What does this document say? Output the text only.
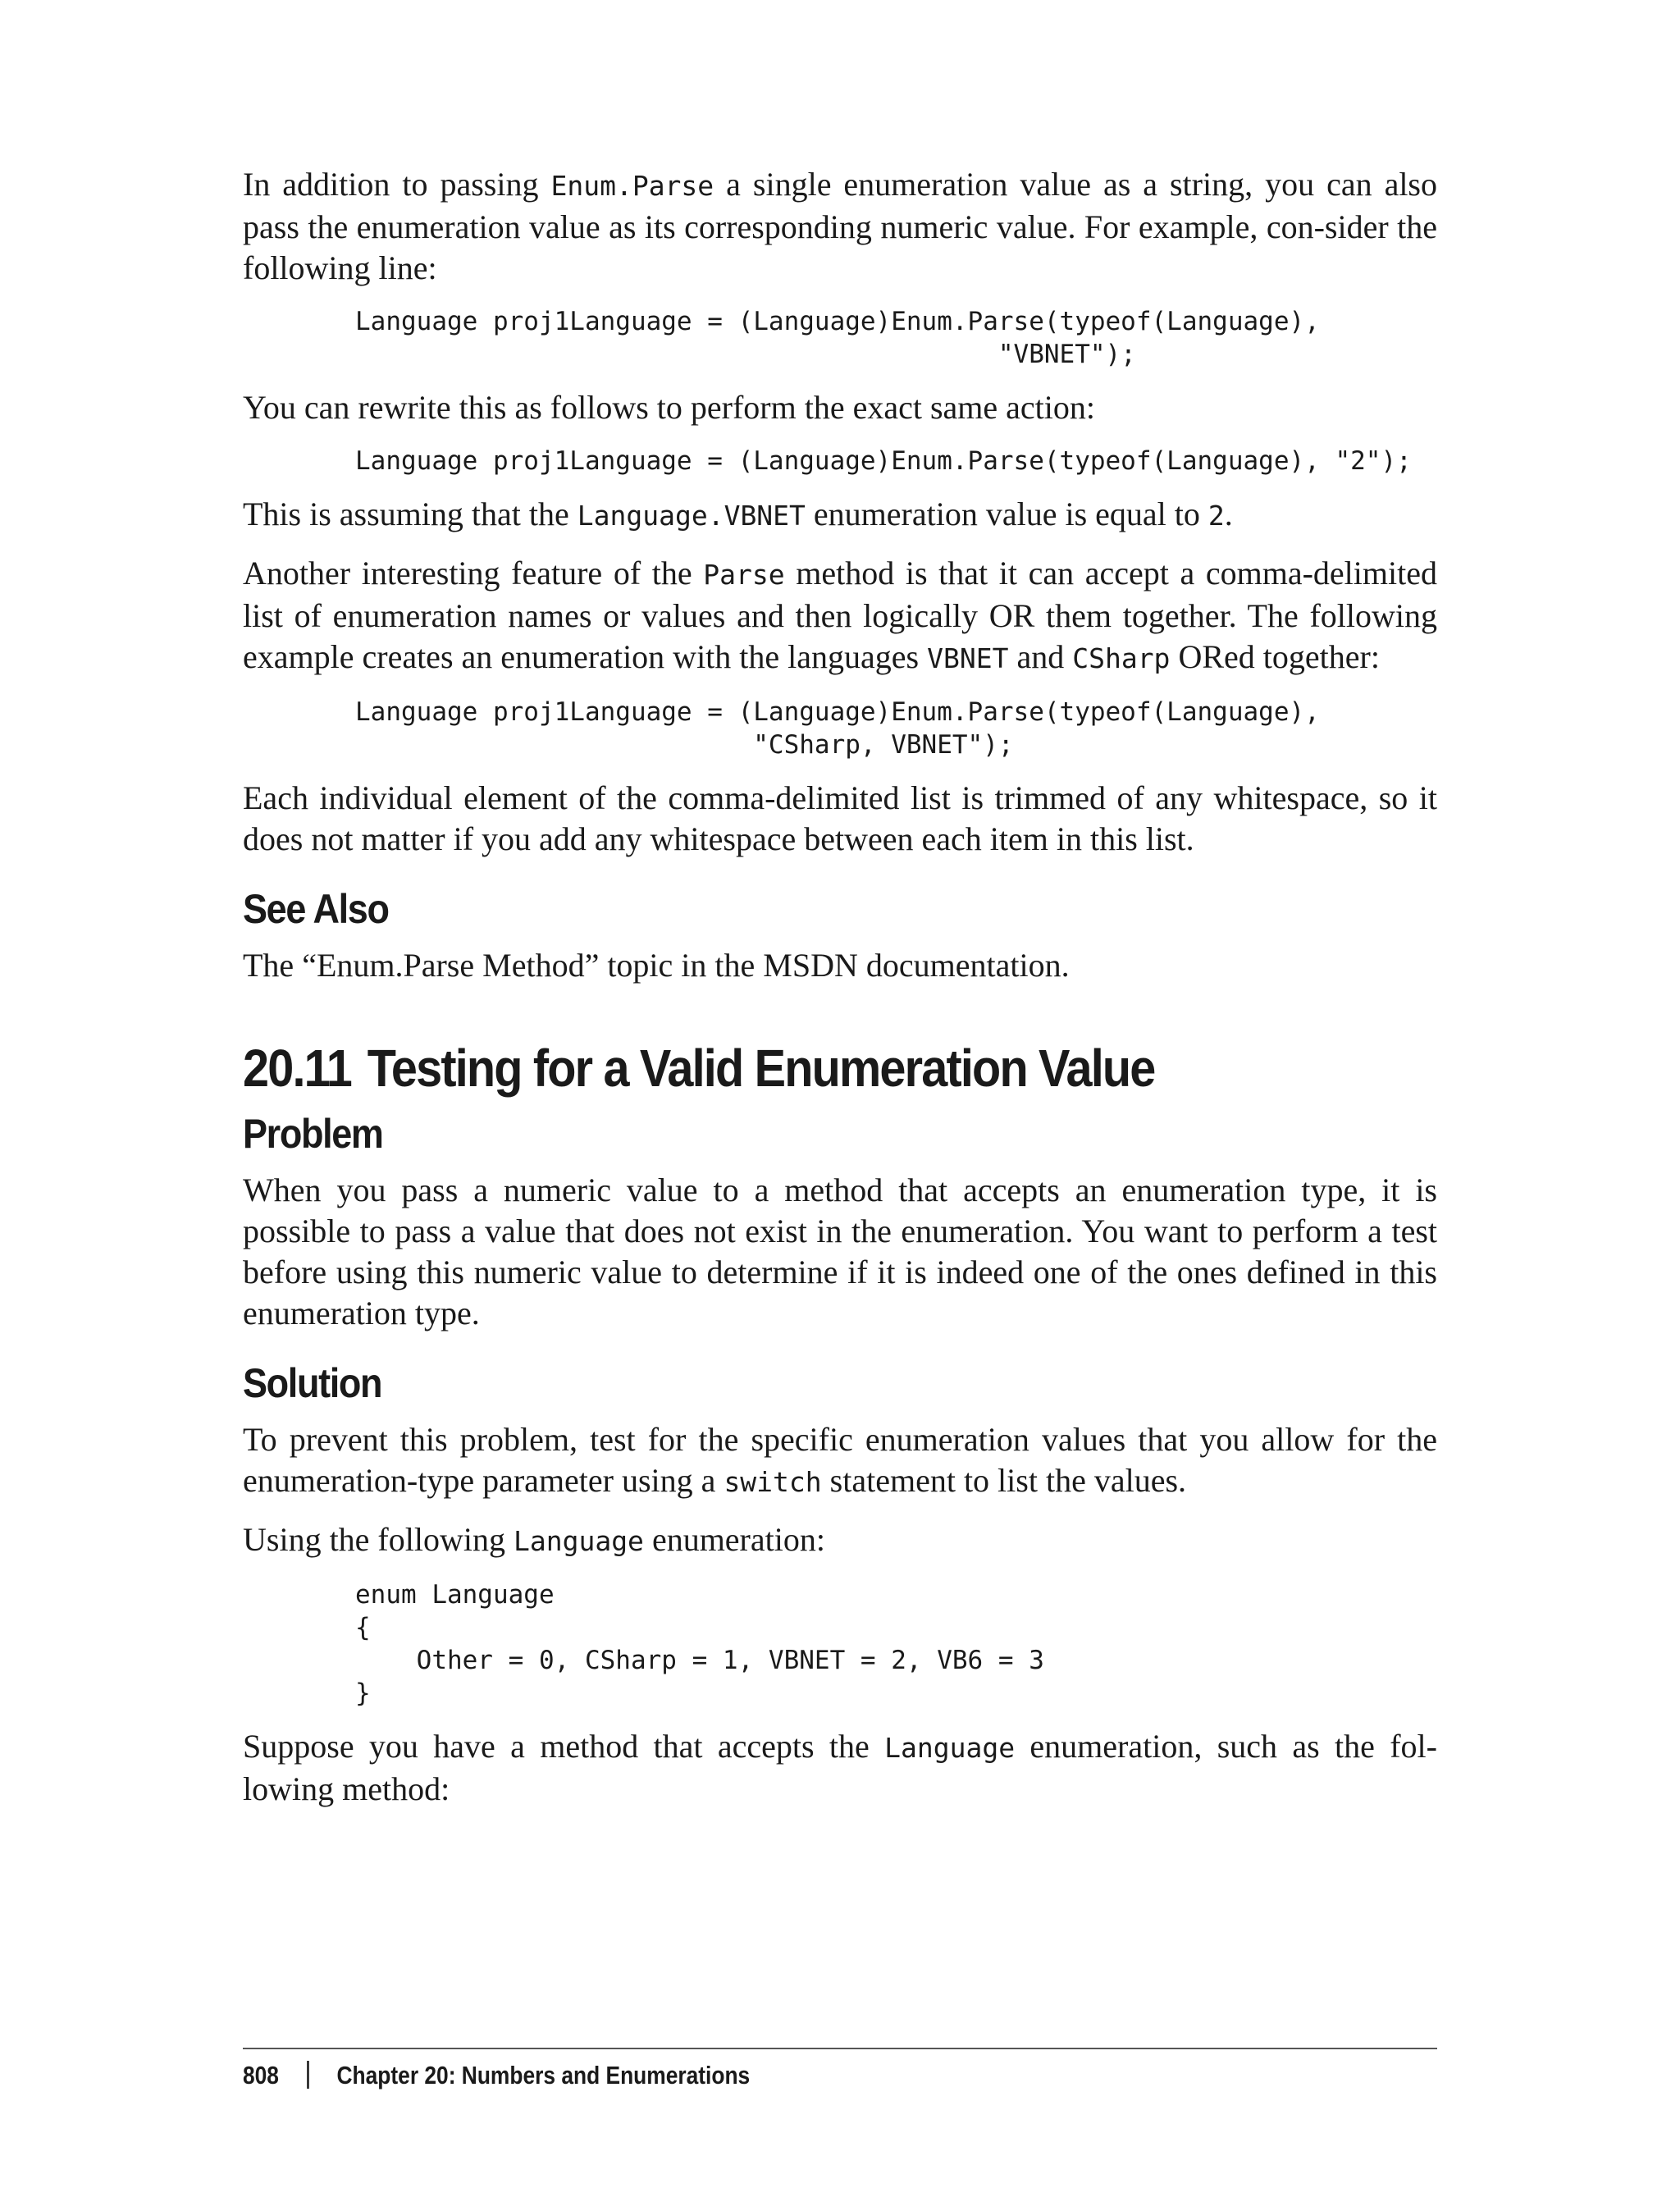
In addition to passing Enum.Parse a single enumeration value as a string, you can also pass the enumeration value as its corresponding numeric value. For example, con-sider the following line:

Language proj1Language = (Language)Enum.Parse(typeof(Language),
"VBNET");

You can rewrite this as follows to perform the exact same action:

Language proj1Language = (Language)Enum.Parse(typeof(Language), "2");

This is assuming that the Language.VBNET enumeration value is equal to 2.

Another interesting feature of the Parse method is that it can accept a comma-delimited list of enumeration names or values and then logically OR them together. The following example creates an enumeration with the languages VBNET and CSharp ORed together:

Language proj1Language = (Language)Enum.Parse(typeof(Language),
"CSharp, VBNET");

Each individual element of the comma-delimited list is trimmed of any whitespace, so it does not matter if you add any whitespace between each item in this list.

See Also

The “Enum.Parse Method” topic in the MSDN documentation.

20.11 Testing for a Valid Enumeration Value
Problem

When you pass a numeric value to a method that accepts an enumeration type, it is possible to pass a value that does not exist in the enumeration. You want to perform a test before using this numeric value to determine if it is indeed one of the ones defined in this enumeration type.

Solution

To prevent this problem, test for the specific enumeration values that you allow for the enumeration-type parameter using a switch statement to list the values.

Using the following Language enumeration:

enum Language
{
Other = 0, CSharp = 1, VBNET = 2, VB6 = 3
}

Suppose you have a method that accepts the Language enumeration, such as the fol-lowing method:

808 Chapter 20: Numbers and Enumerations
